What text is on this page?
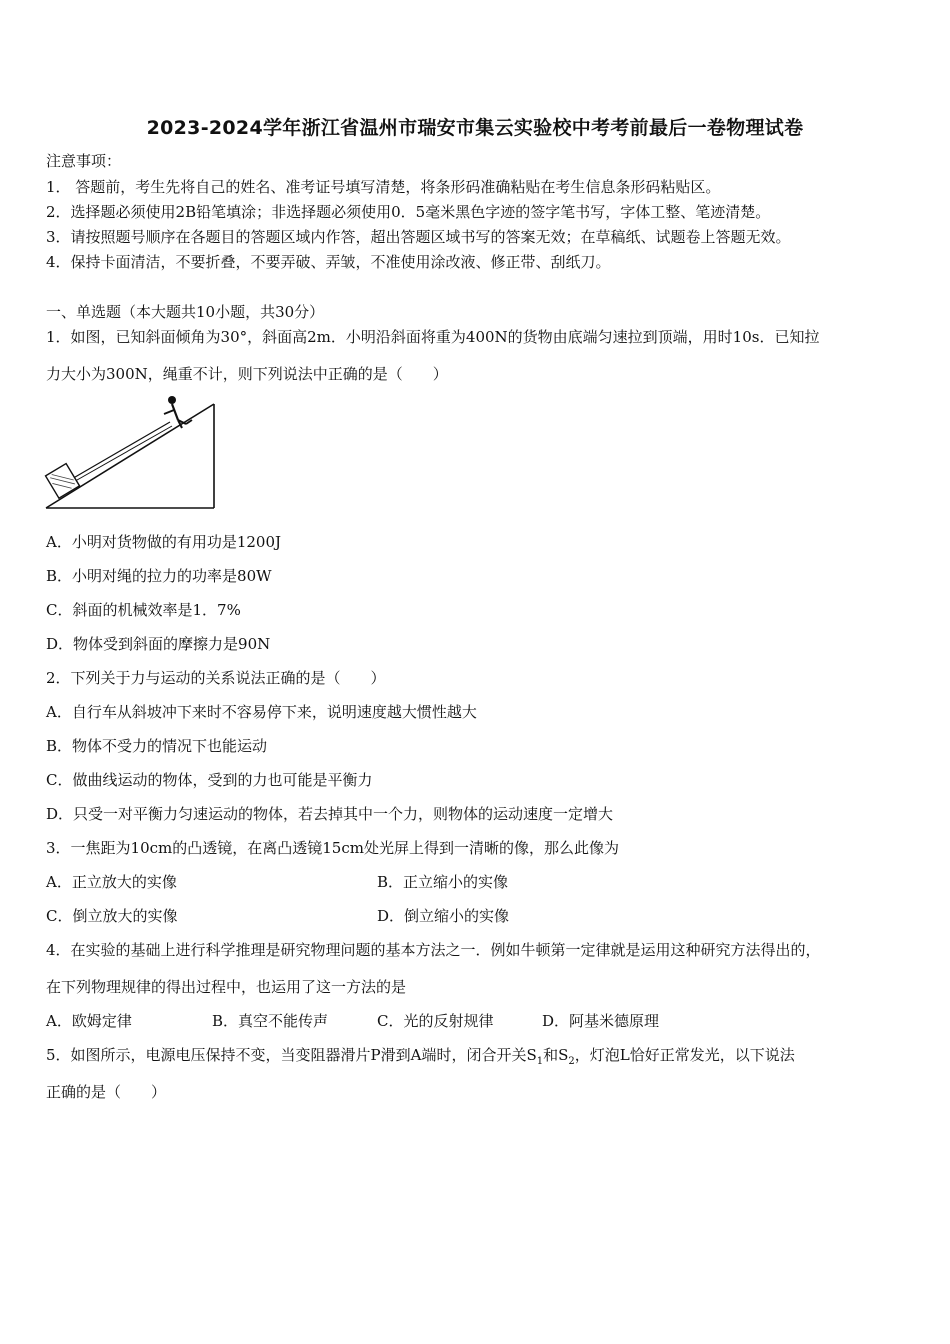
2023-2024学年浙江省温州市瑞安市集云实验校中考考前最后一卷物理试卷
注意事项：
1． 答题前，考生先将自己的姓名、准考证号填写清楚，将条形码准确粘贴在考生信息条形码粘贴区。
2．选择题必须使用2B铅笔填涂；非选择题必须使用0．5毫米黑色字迹的签字笔书写，字体工整、笔迹清楚。
3．请按照题号顺序在各题目的答题区域内作答，超出答题区域书写的答案无效；在草稿纸、试题卷上答题无效。
4．保持卡面清洁，不要折叠，不要弄破、弄皱，不准使用涂改液、修正带、刮纸刀。
一、单选题（本大题共10小题，共30分）
1．如图，已知斜面倾角为30°，斜面高2m．小明沿斜面将重为400N的货物由底端匀速拉到顶端，用时10s．已知拉
力大小为300N，绳重不计，则下列说法中正确的是（　　）
A．小明对货物做的有用功是1200J
B．小明对绳的拉力的功率是80W
C．斜面的机械效率是1．7%
D．物体受到斜面的摩擦力是90N
2．下列关于力与运动的关系说法正确的是（　　）
A．自行车从斜坡冲下来时不容易停下来，说明速度越大惯性越大
B．物体不受力的情况下也能运动
C．做曲线运动的物体，受到的力也可能是平衡力
D．只受一对平衡力匀速运动的物体，若去掉其中一个力，则物体的运动速度一定增大
3．一焦距为10cm的凸透镜，在离凸透镜15cm处光屏上得到一清晰的像，那么此像为
A．正立放大的实像	B．正立缩小的实像
C．倒立放大的实像	D．倒立缩小的实像
4．在实验的基础上进行科学推理是研究物理问题的基本方法之一．例如牛顿第一定律就是运用这种研究方法得出的，
在下列物理规律的得出过程中，也运用了这一方法的是
A．欧姆定律	B．真空不能传声	C．光的反射规律	D．阿基米德原理
5．如图所示，电源电压保持不变，当变阻器滑片P滑到A端时，闭合开关$S_1$和$S_2$，灯泡L恰好正常发光，以下说法
正确的是（　　）
